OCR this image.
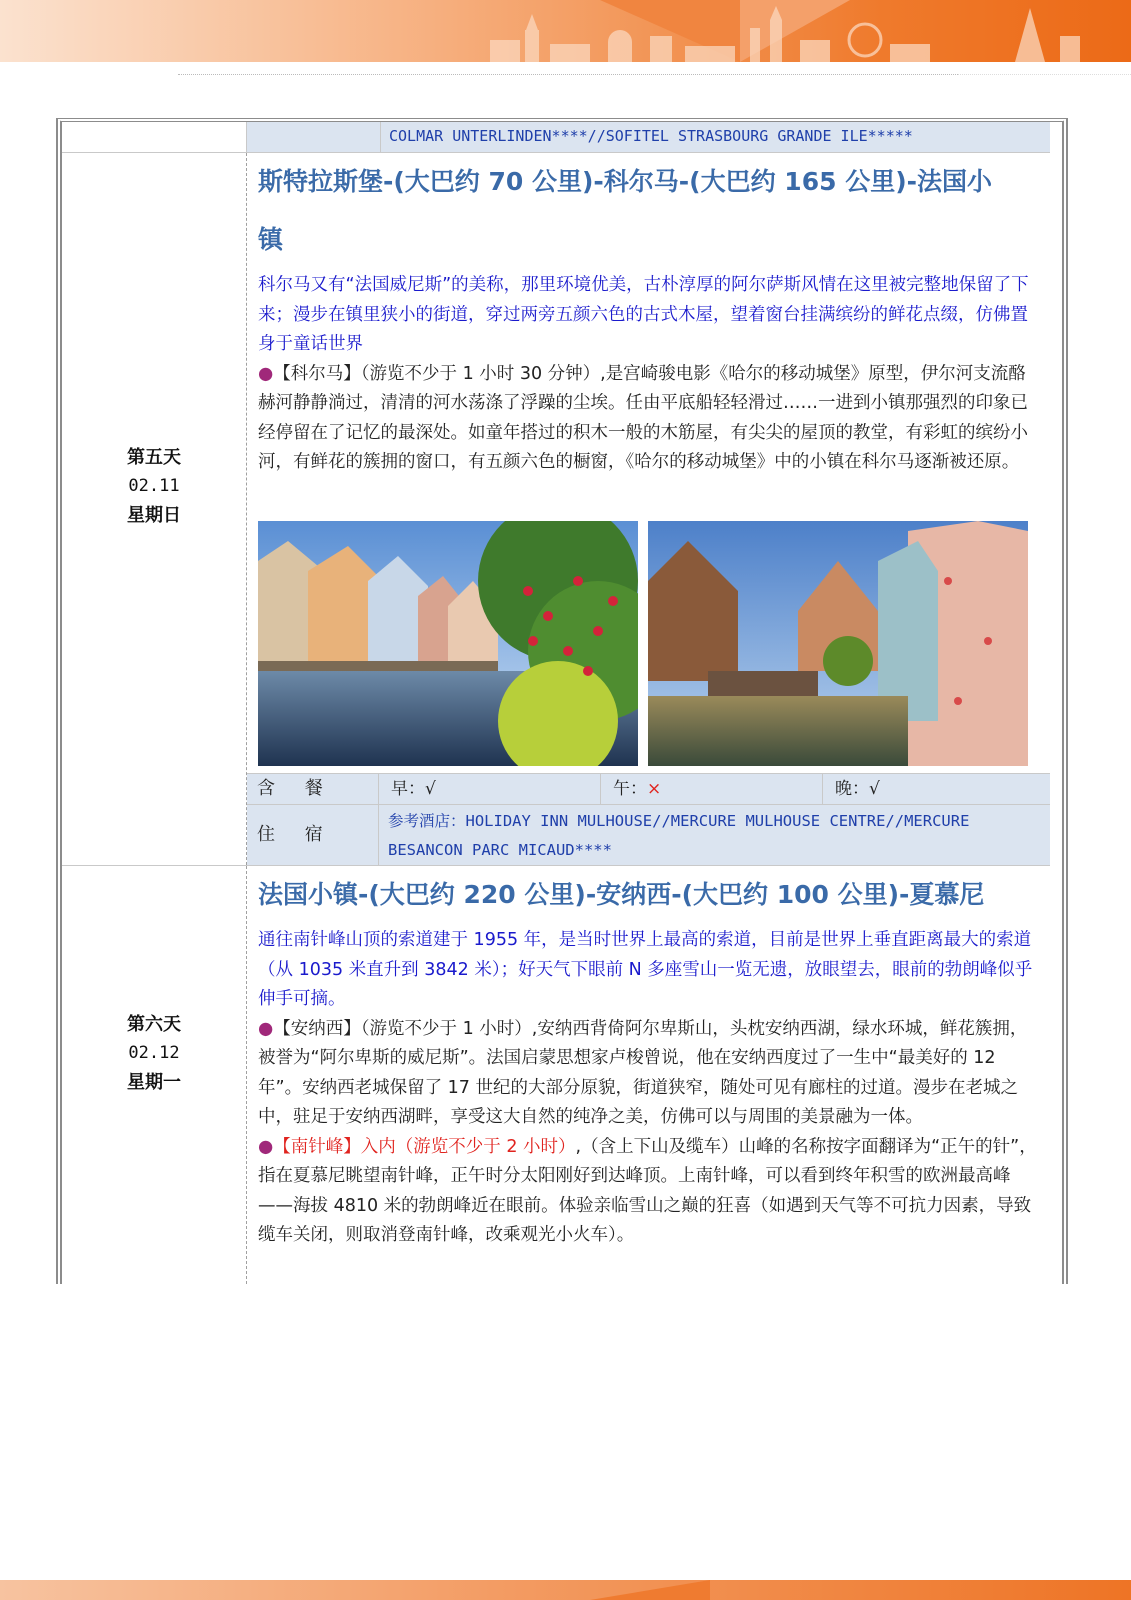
COLMAR UNTERLINDEN****//SOFITEL STRASBOURG GRANDE ILE*****
第五天
02.11
星期日

斯特拉斯堡-(大巴约 70 公里)-科尔马-(大巴约 165 公里)-法国小

镇

科尔马又有“法国威尼斯”的美称，那里环境优美，古朴淳厚的阿尔萨斯风情在这里被完整地保留了下来；漫步在镇里狭小的街道，穿过两旁五颜六色的古式木屋，望着窗台挂满缤纷的鲜花点缀，仿佛置身于童话世界

●【科尔马】（游览不少于 1 小时 30 分钟）,是宫崎骏电影《哈尔的移动城堡》原型，伊尔河支流酪赫河静静淌过，清清的河水荡涤了浮躁的尘埃。任由平底船轻轻滑过……一进到小镇那强烈的印象已经停留在了记忆的最深处。如童年搭过的积木一般的木筋屋，有尖尖的屋顶的教堂，有彩虹的缤纷小河，有鲜花的簇拥的窗口，有五颜六色的橱窗，《哈尔的移动城堡》中的小镇在科尔马逐渐被还原。

含 餐	早：√	午：×	晚：√
住 宿
参考酒店：HOLIDAY INN MULHOUSE//MERCURE MULHOUSE CENTRE//MERCURE BESANCON PARC MICAUD****
第六天
02.12
星期一

法国小镇-(大巴约 220 公里)-安纳西-(大巴约 100 公里)-夏慕尼

通往南针峰山顶的索道建于 1955 年，是当时世界上最高的索道，目前是世界上垂直距离最大的索道（从 1035 米直升到 3842 米）；好天气下眼前 N 多座雪山一览无遗，放眼望去，眼前的勃朗峰似乎伸手可摘。

●【安纳西】（游览不少于 1 小时）,安纳西背倚阿尔卑斯山，头枕安纳西湖，绿水环城，鲜花簇拥，被誉为“阿尔卑斯的威尼斯”。法国启蒙思想家卢梭曾说，他在安纳西度过了一生中“最美好的 12 年”。安纳西老城保留了 17 世纪的大部分原貌，街道狭窄，随处可见有廊柱的过道。漫步在老城之中，驻足于安纳西湖畔，享受这大自然的纯净之美，仿佛可以与周围的美景融为一体。

●【南针峰】入内（游览不少于 2 小时）,（含上下山及缆车）山峰的名称按字面翻译为“正午的针”，指在夏慕尼眺望南针峰，正午时分太阳刚好到达峰顶。上南针峰，可以看到终年积雪的欧洲最高峰——海拔 4810 米的勃朗峰近在眼前。体验亲临雪山之巅的狂喜（如遇到天气等不可抗力因素，导致缆车关闭，则取消登南针峰，改乘观光小火车）。
